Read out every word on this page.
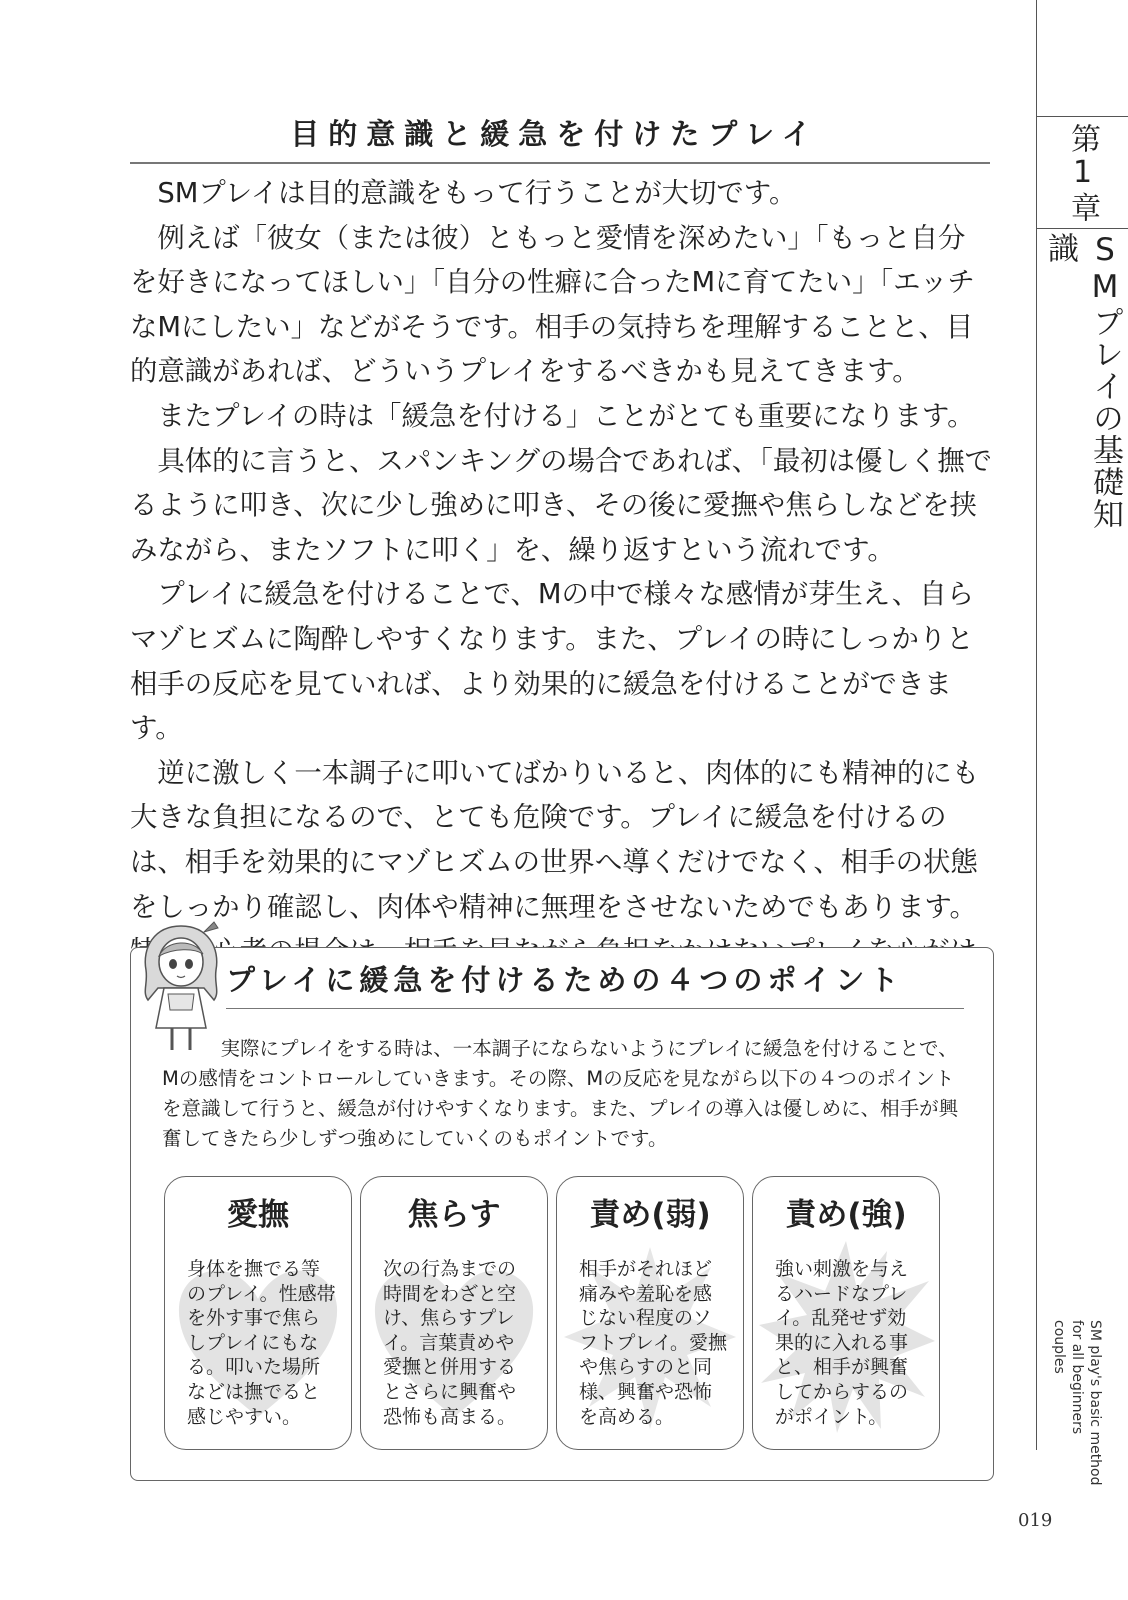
第1章
SMプレイの基礎知識
SM play's basic method for all beginners couples
019
目的意識と緩急を付けたプレイ

SMプレイは目的意識をもって行うことが大切です。

例えば「彼女（または彼）ともっと愛情を深めたい」「もっと自分を好きになってほしい」「自分の性癖に合ったMに育てたい」「エッチなMにしたい」などがそうです。相手の気持ちを理解することと、目的意識があれば、どういうプレイをするべきかも見えてきます。

またプレイの時は「緩急を付ける」ことがとても重要になります。

具体的に言うと、スパンキングの場合であれば、「最初は優しく撫でるように叩き、次に少し強めに叩き、その後に愛撫や焦らしなどを挟みながら、またソフトに叩く」を、繰り返すという流れです。

プレイに緩急を付けることで、Mの中で様々な感情が芽生え、自らマゾヒズムに陶酔しやすくなります。また、プレイの時にしっかりと相手の反応を見ていれば、より効果的に緩急を付けることができます。

逆に激しく一本調子に叩いてばかりいると、肉体的にも精神的にも大きな負担になるので、とても危険です。プレイに緩急を付けるのは、相手を効果的にマゾヒズムの世界へ導くだけでなく、相手の状態をしっかり確認し、肉体や精神に無理をさせないためでもあります。

プレイに緩急を付けるための４つのポイント

実際にプレイをする時は、一本調子にならないようにプレイに緩急を付けることで、Mの感情をコントロールしていきます。その際、Mの反応を見ながら以下の４つのポイントを意識して行うと、緩急が付けやすくなります。また、プレイの導入は優しめに、相手が興奮してきたら少しずつ強めにしていくのもポイントです。

愛撫
身体を撫でる等のプレイ。性感帯を外す事で焦らしプレイにもなる。叩いた場所などは撫でると感じやすい。
焦らす
次の行為までの時間をわざと空け、焦らすプレイ。言葉責めや愛撫と併用するとさらに興奮や恐怖も高まる。
責め(弱)
相手がそれほど痛みや羞恥を感じない程度のソフトプレイ。愛撫や焦らすのと同様、興奮や恐怖を高める。
責め(強)
強い刺激を与えるハードなプレイ。乱発せず効果的に入れる事と、相手が興奮してからするのがポイント。
